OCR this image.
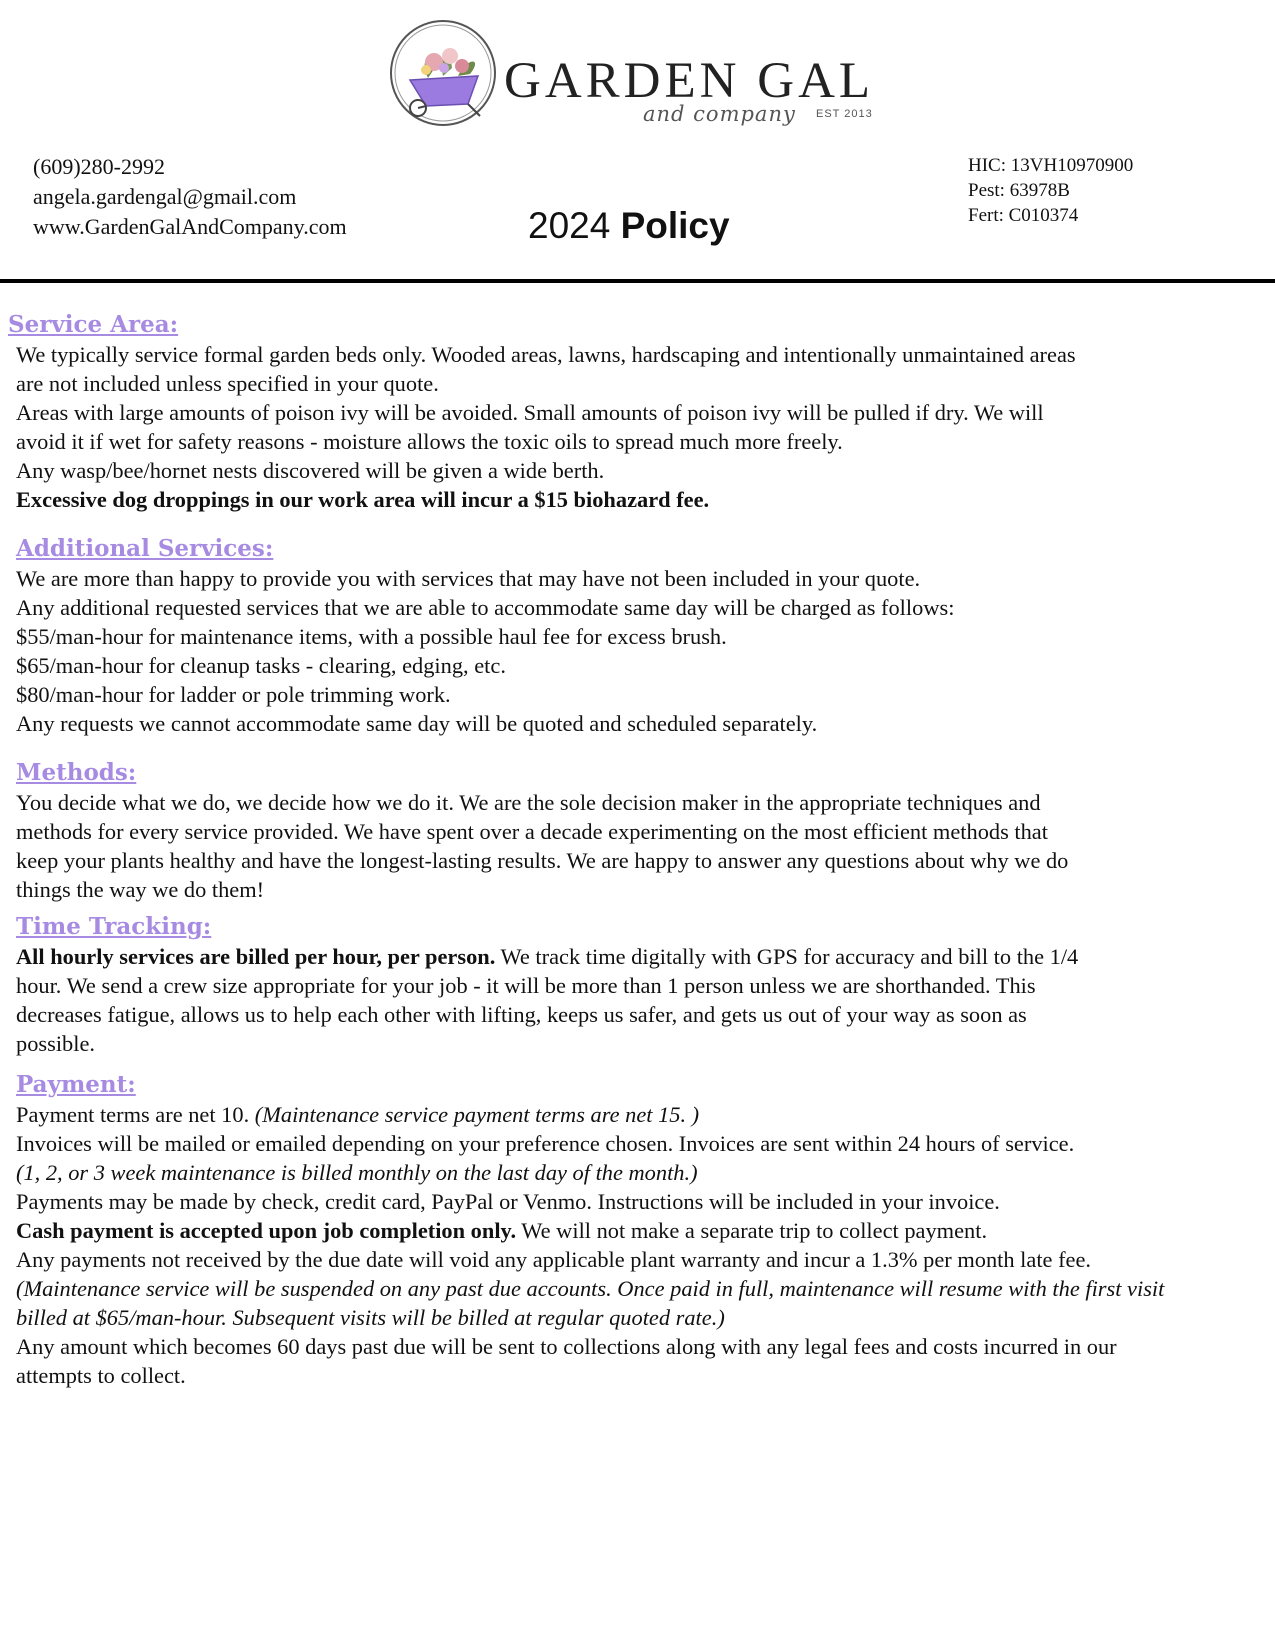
GARDEN GAL
and company EST 2013
(609)280-2992
angela.gardengal@gmail.com
www.GardenGalAndCompany.com	2024 Policy
HIC: 13VH10970900
Pest: 63978B
Fert: C010374
Service Area:
We typically service formal garden beds only. Wooded areas, lawns, hardscaping and intentionally unmaintained areas
are not included unless specified in your quote.
Areas with large amounts of poison ivy will be avoided. Small amounts of poison ivy will be pulled if dry. We will
avoid it if wet for safety reasons - moisture allows the toxic oils to spread much more freely.
Any wasp/bee/hornet nests discovered will be given a wide berth.
Excessive dog droppings in our work area will incur a $15 biohazard fee.
Additional Services:
We are more than happy to provide you with services that may have not been included in your quote.
Any additional requested services that we are able to accommodate same day will be charged as follows:
$55/man-hour for maintenance items, with a possible haul fee for excess brush.
$65/man-hour for cleanup tasks - clearing, edging, etc.
$80/man-hour for ladder or pole trimming work.
Any requests we cannot accommodate same day will be quoted and scheduled separately.
Methods:
You decide what we do, we decide how we do it. We are the sole decision maker in the appropriate techniques and
methods for every service provided. We have spent over a decade experimenting on the most efficient methods that
keep your plants healthy and have the longest-lasting results. We are happy to answer any questions about why we do
things the way we do them!
Time Tracking:
All hourly services are billed per hour, per person. We track time digitally with GPS for accuracy and bill to the 1/4
hour. We send a crew size appropriate for your job - it will be more than 1 person unless we are shorthanded. This
decreases fatigue, allows us to help each other with lifting, keeps us safer, and gets us out of your way as soon as
possible.
Payment:
Payment terms are net 10. (Maintenance service payment terms are net 15. )
Invoices will be mailed or emailed depending on your preference chosen. Invoices are sent within 24 hours of service.
(1, 2, or 3 week maintenance is billed monthly on the last day of the month.)
Payments may be made by check, credit card, PayPal or Venmo. Instructions will be included in your invoice.
Cash payment is accepted upon job completion only. We will not make a separate trip to collect payment.
Any payments not received by the due date will void any applicable plant warranty and incur a 1.3% per month late fee.
(Maintenance service will be suspended on any past due accounts. Once paid in full, maintenance will resume with the first visit
billed at $65/man-hour. Subsequent visits will be billed at regular quoted rate.)
Any amount which becomes 60 days past due will be sent to collections along with any legal fees and costs incurred in our
attempts to collect.
